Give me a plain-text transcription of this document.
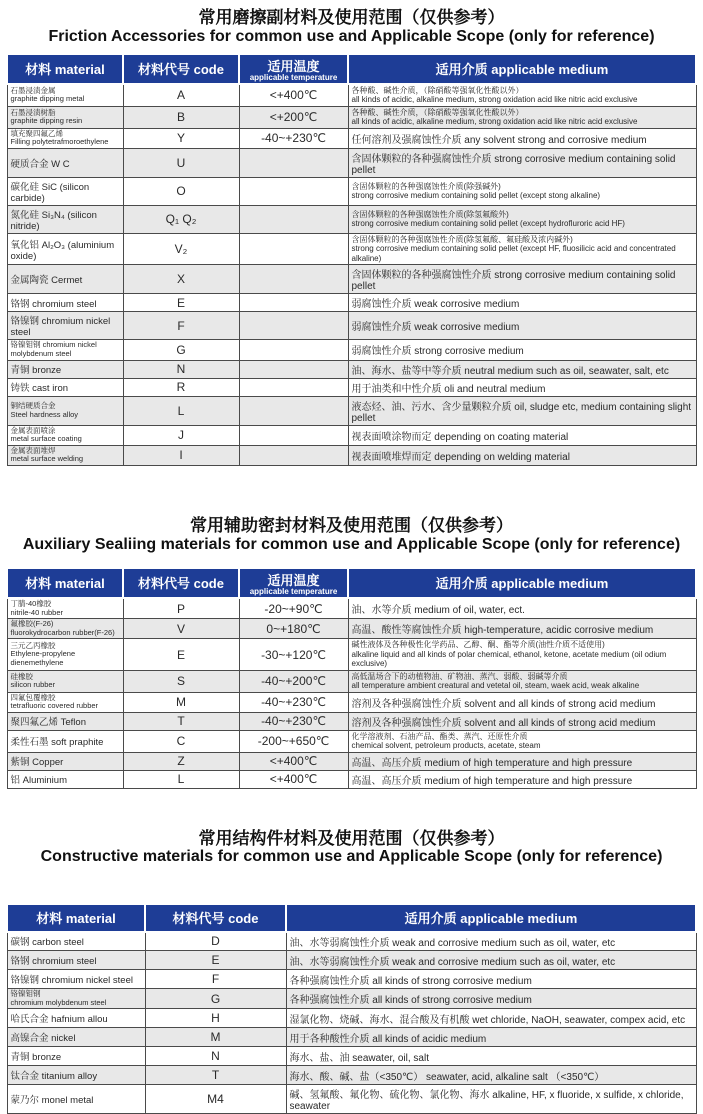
常用磨擦副材料及使用范围（仅供参考）
Friction Accessories for common use and Applicable Scope (only for reference)
材料 material	材料代号 code	适用温度
applicable temperature	适用介质 applicable medium

石墨浸渍金属
graphite dipping metal	A	<+400℃	各种酸、碱性介质，（除硝酸等强氧化性酸以外）
all kinds of acidic, alkaline medium, strong oxidation acid like nitric acid exclusive

石墨浸渍树脂
graphite dipping resin	B	<+200℃	各种酸、碱性介质，（除硝酸等强氧化性酸以外）
all kinds of acidic, alkaline medium, strong oxidation acid like nitric acid exclusive

填充聚四氟乙烯
Filling polytetrafmoroethylene	Y	-40~+230℃	任何溶剂及强腐蚀性介质 any solvent strong and corrosive medium

硬质合金 W C	U		含固体颗粒的各种强腐蚀性介质 strong corrosive medium containing solid pellet

碳化硅 SiC (silicon carbide)	O		含固体颗粒的各种强腐蚀性介质(除强碱外)
strong corrosive medium containing solid pellet (except stong alkaline)

氮化硅 Si₃N₄ (silicon nitride)	Q₁ Q₂		含固体颗粒的各种强腐蚀性介质(除氢氟酸外)
strong corrosive medium containing solid pellet (except hydrofluroric acid HF)

氧化铝 Al₂O₃ (aluminium oxide)	V₂		含固体颗粒的各种强腐蚀性介质(除氢氟酸、氟硅酸及浓内碱外)
strong corrosive medium containing solid pellet (except HF, fluosilicic acid and concentrated alkaline)

金属陶瓷 Cermet	X		含固体颗粒的各种强腐蚀性介质 strong corrosive medium containing solid pellet

铬钢 chromium steel	E		弱腐蚀性介质 weak corrosive medium

铬镍钢 chromium nickel steel	F		弱腐蚀性介质 weak corrosive medium

铬镍钼钢 chromium nickel
molybdenum steel	G		弱腐蚀性介质 strong corrosive medium

青铜 bronze	N		油、海水、盐等中等介质 neutral medium such as oil, seawater, salt, etc

铸铁 cast iron	R		用于油类和中性介质 oli and neutral medium

铜结硬质合金
Steel hardness alloy	L		液态烃、油、污水、含少量颗粒介质 oil, sludge etc, medium containing slight pellet

金属表面喷涂
metal surface coating	J		视表面喷涂物而定 depending on coating material

金属表面堆焊
metal surface welding	I		视表面喷堆焊而定 depending on welding material
常用辅助密封材料及使用范围（仅供参考）
Auxiliary Sealiing materials for common use and Applicable Scope (only for reference)
材料 material	材料代号 code	适用温度
applicable temperature	适用介质 applicable medium

丁腈-40橡胶
nitrile-40 rubber	P	-20~+90℃	油、水等介质 medium of oil, water, ect.

氟橡胶(F-26)
fluorokydrocarbon rubber(F-26)	V	0~+180℃	高温、酸性等腐蚀性介质 high-temperature, acidic corrosive medium

三元乙丙橡胶
Ethylene-propylene dienemethylene
	E	-30~+120℃	
碱性液体及各种极性化学药品、乙醇、酮、酯等介质(油性介质不适使用)
alkaline liquid and all kinds of polar chemical, ethanol, ketone, acetate medium (oil odium exclusive)

硅橡胶
silicon rubber	S	-40~+200℃	高低温场合下的动植物油、矿物油、蒸汽、弱酸、弱碱等介质
all temperature ambient creatural and vetetal oil, steam, waek acid, weak alkaline

四氟包覆橡胶
tetrafluoric covered rubber	M	-40~+230℃	溶剂及各种强腐蚀性介质 solvent and all kinds of strong acid medium

聚四氟乙烯 Teflon	T	-40~+230℃	溶剂及各种强腐蚀性介质 solvent and all kinds of strong acid medium

柔性石墨 soft praphite	C	-200~+650℃	化学溶液剂、石油产品、酯类、蒸汽、还原性介质
chemical solvent, petroleum products, acetate, steam

紫铜 Copper	Z	<+400℃	高温、高压介质 medium of high temperature and high pressure

铝 Aluminium	L	<+400℃	高温、高压介质 medium of high temperature and high pressure
常用结构件材料及使用范围（仅供参考）
Constructive materials for common use and Applicable Scope (only for reference)
材料 material	材料代号 code	适用介质 applicable medium

碳钢 carbon steel	D	油、水等弱腐蚀性介质 weak and corrosive medium such as oil, water, etc

铬钢 chromium steel	E	油、水等弱腐蚀性介质 weak and corrosive medium such as oil, water, etc

铬镍钢 chromium nickel steel	F	各种强腐蚀性介质 all kinds of strong corrosive medium

铬镍钼钢
chromium molybdenum steel	G	各种强腐蚀性介质 all kinds of strong corrosive medium

哈氏合金 hafnium allou	H	湿氯化物、烧碱、海水、混合酸及有机酸 wet chloride, NaOH, seawater, compex acid, etc

高镍合金 nickel	M	用于各种酸性介质 all kinds of acidic medium

青铜 bronze	N	海水、盐、油 seawater, oil, salt

钛合金 titanium alloy	T	海水、酸、碱、盐（<350℃） seawater, acid, alkaline salt （<350℃）

蒙乃尔 monel metal	M4	碱、氢氟酸、氟化物、硫化物、氯化物、海水 alkaline, HF, x fluoride, x sulfide, x chloride, seawater
